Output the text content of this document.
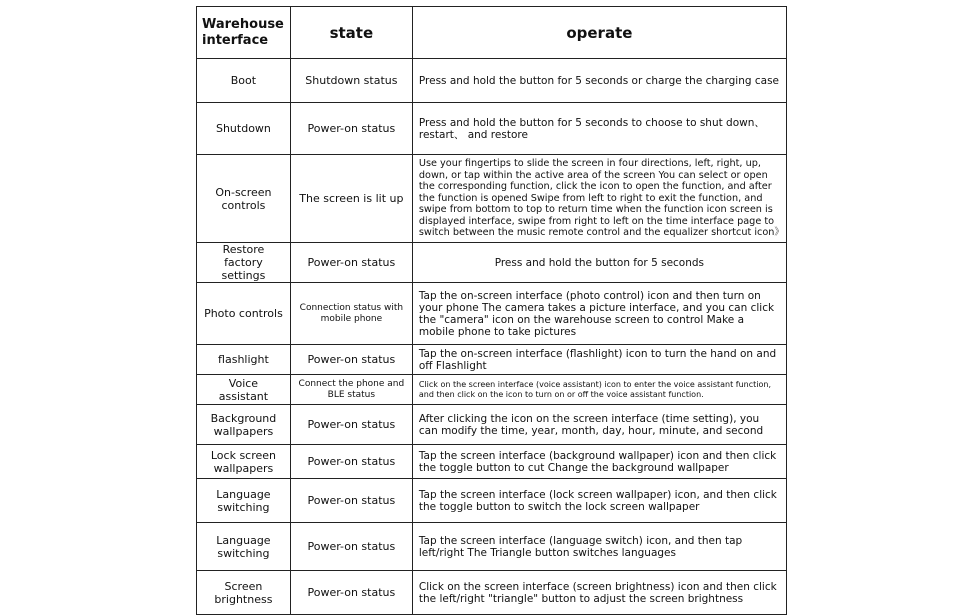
Warehouse interface	state	operate
Boot	Shutdown status	Press and hold the button for 5 seconds or charge the charging case
Shutdown	Power-on status	Press and hold the button for 5 seconds to choose to shut down、restart、 and restore
On-screen controls	The screen is lit up	Use your fingertips to slide the screen in four directions, left, right, up, down, or tap within the active area of the screen You can select or open the corresponding function, click the icon to open the function, and after the function is opened Swipe from left to right to exit the function, and swipe from bottom to top to return time when the function icon screen is displayed interface, swipe from right to left on the time interface page to switch between the music remote control and the equalizer shortcut icon》
Restore factory settings	Power-on status	Press and hold the button for 5 seconds
Photo controls	Connection status with mobile phone	Tap the on-screen interface (photo control) icon and then turn on your phone The camera takes a picture interface, and you can click the "camera" icon on the warehouse screen to control Make a mobile phone to take pictures
flashlight	Power-on status	Tap the on-screen interface (flashlight) icon to turn the hand on and off Flashlight
Voice assistant	Connect the phone and BLE status	Click on the screen interface (voice assistant) icon to enter the voice assistant function, and then click on the icon to turn on or off the voice assistant function.
Background wallpapers	Power-on status	After clicking the icon on the screen interface (time setting), you can modify the time, year, month, day, hour, minute, and second
Lock screen wallpapers	Power-on status	Tap the screen interface (background wallpaper) icon and then click the toggle button to cut Change the background wallpaper
Language switching	Power-on status	Tap the screen interface (lock screen wallpaper) icon, and then click the toggle button to switch the lock screen wallpaper
Language switching	Power-on status	Tap the screen interface (language switch) icon, and then tap left/right The Triangle button switches languages
Screen brightness	Power-on status	Click on the screen interface (screen brightness) icon and then click the left/right "triangle" button to adjust the screen brightness
